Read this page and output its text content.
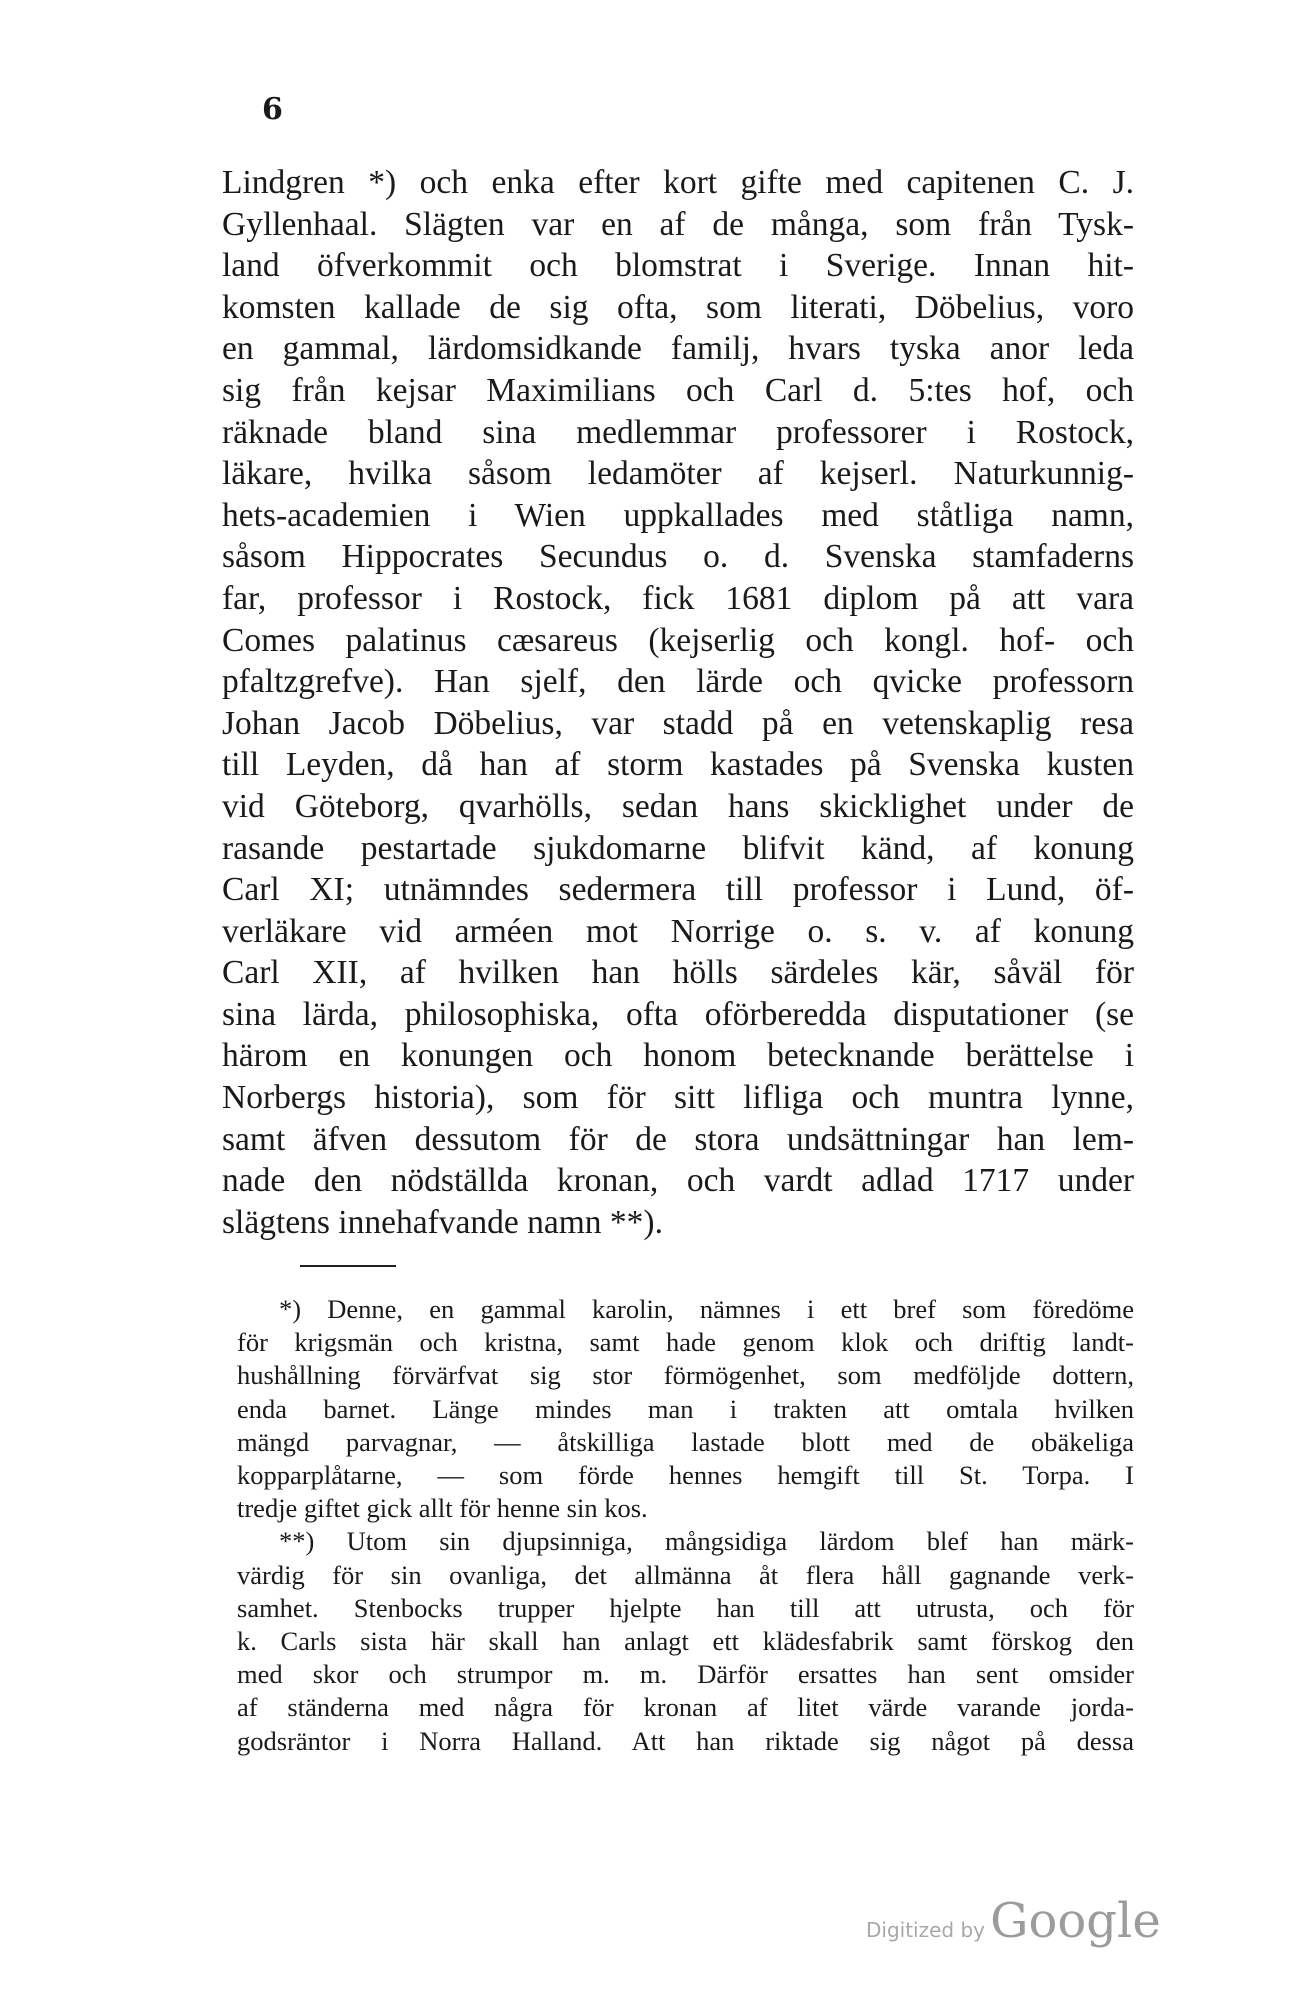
6
Lindgren *) och enka efter kort gifte med capitenen C. J.
Gyllenhaal. Slägten var en af de många, som från Tysk-
land öfverkommit och blomstrat i Sverige. Innan hit-
komsten kallade de sig ofta, som literati, Döbelius, voro
en gammal, lärdomsidkande familj, hvars tyska anor leda
sig från kejsar Maximilians och Carl d. 5:tes hof, och
räknade bland sina medlemmar professorer i Rostock,
läkare, hvilka såsom ledamöter af kejserl. Naturkunnig-
hets-academien i Wien uppkallades med ståtliga namn,
såsom Hippocrates Secundus o. d. Svenska stamfaderns
far, professor i Rostock, fick 1681 diplom på att vara
Comes palatinus cæsareus (kejserlig och kongl. hof- och
pfaltzgrefve). Han sjelf, den lärde och qvicke professorn
Johan Jacob Döbelius, var stadd på en vetenskaplig resa
till Leyden, då han af storm kastades på Svenska kusten
vid Göteborg, qvarhölls, sedan hans skicklighet under de
rasande pestartade sjukdomarne blifvit känd, af konung
Carl XI; utnämndes sedermera till professor i Lund, öf-
verläkare vid arméen mot Norrige o. s. v. af konung
Carl XII, af hvilken han hölls särdeles kär, såväl för
sina lärda, philosophiska, ofta oförberedda disputationer (se
härom en konungen och honom betecknande berättelse i
Norbergs historia), som för sitt lifliga och muntra lynne,
samt äfven dessutom för de stora undsättningar han lem-
nade den nödställda kronan, och vardt adlad 1717 under
slägtens innehafvande namn **).
*) Denne, en gammal karolin, nämnes i ett bref som föredöme
för krigsmän och kristna, samt hade genom klok och driftig landt-
hushållning förvärfvat sig stor förmögenhet, som medföljde dottern,
enda barnet. Länge mindes man i trakten att omtala hvilken
mängd parvagnar, — åtskilliga lastade blott med de obäkeliga
kopparplåtarne, — som förde hennes hemgift till St. Torpa. I
tredje giftet gick allt för henne sin kos.
**) Utom sin djupsinniga, mångsidiga lärdom blef han märk-
värdig för sin ovanliga, det allmänna åt flera håll gagnande verk-
samhet. Stenbocks trupper hjelpte han till att utrusta, och för
k. Carls sista här skall han anlagt ett klädesfabrik samt förskog den
med skor och strumpor m. m. Därför ersattes han sent omsider
af ständerna med några för kronan af litet värde varande jorda-
godsräntor i Norra Halland. Att han riktade sig något på dessa
Digitized by Google
